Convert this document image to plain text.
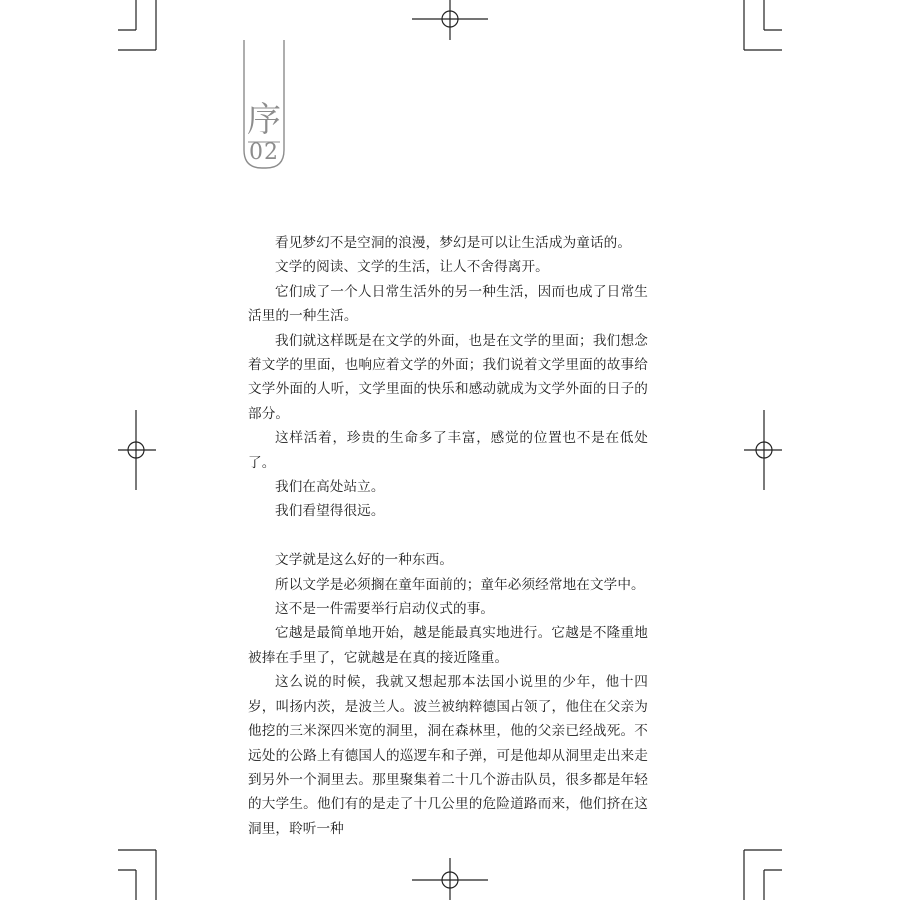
序
02

看见梦幻不是空洞的浪漫，梦幻是可以让生活成为童话的。

文学的阅读、文学的生活，让人不舍得离开。

它们成了一个人日常生活外的另一种生活，因而也成了日常生活里的一种生活。

我们就这样既是在文学的外面，也是在文学的里面；我们想念着文学的里面，也响应着文学的外面；我们说着文学里面的故事给文学外面的人听，文学里面的快乐和感动就成为文学外面的日子的部分。

这样活着，珍贵的生命多了丰富，感觉的位置也不是在低处了。

我们在高处站立。

我们看望得很远。

文学就是这么好的一种东西。

所以文学是必须搁在童年面前的；童年必须经常地在文学中。

这不是一件需要举行启动仪式的事。

它越是最简单地开始，越是能最真实地进行。它越是不隆重地被捧在手里了，它就越是在真的接近隆重。

这么说的时候，我就又想起那本法国小说里的少年，他十四岁，叫扬内茨，是波兰人。波兰被纳粹德国占领了，他住在父亲为他挖的三米深四米宽的洞里，洞在森林里，他的父亲已经战死。不远处的公路上有德国人的巡逻车和子弹，可是他却从洞里走出来走到另外一个洞里去。那里聚集着二十几个游击队员，很多都是年轻的大学生。他们有的是走了十几公里的危险道路而来，他们挤在这洞里，聆听一种
